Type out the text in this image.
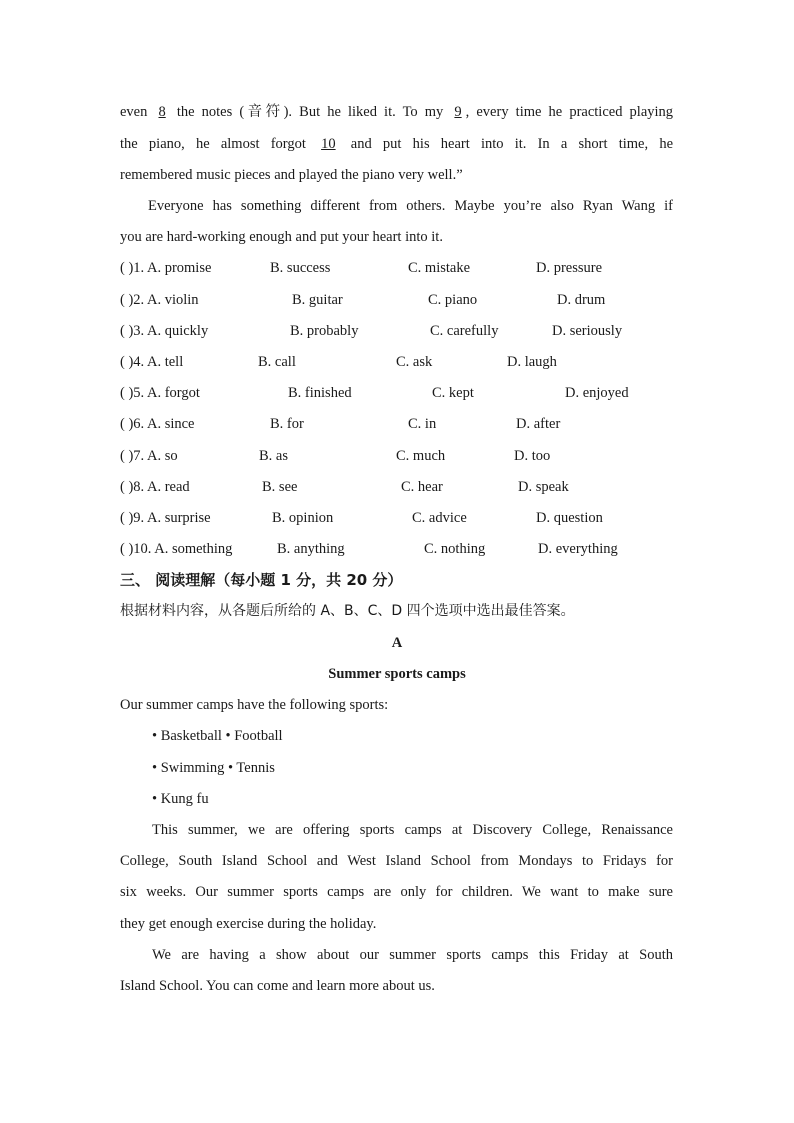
even 8 the notes (音符). But he liked it. To my 9 , every time he practiced playing
the piano, he almost forgot 10 and put his heart into it. In a short time, he
remembered music pieces and played the piano very well.”
Everyone has something different from others. Maybe you’re also Ryan Wang if
you are hard-working enough and put your heart into it.
( )1. A. promise	B. success	C. mistake	D. pressure
( )2. A. violin	B. guitar	C. piano	D. drum
( )3. A. quickly	B. probably	C. carefully	D. seriously
( )4. A. tell	B. call	C. ask	D. laugh
( )5. A. forgot	B. finished	C. kept	D. enjoyed
( )6. A. since	B. for	C. in	D. after
( )7. A. so	B. as	C. much	D. too
( )8. A. read	B. see	C. hear	D. speak
( )9. A. surprise	B. opinion	C. advice	D. question
( )10. A. something	B. anything	C. nothing	D. everything
三、 阅读理解（每小题 1 分，共 20 分）
根据材料内容，从各题后所给的 A、B、C、D 四个选项中选出最佳答案。
A
Summer sports camps
Our summer camps have the following sports:
• Basketball • Football
• Swimming • Tennis
• Kung fu
This summer, we are offering sports camps at Discovery College, Renaissance
College, South Island School and West Island School from Mondays to Fridays for
six weeks. Our summer sports camps are only for children. We want to make sure
they get enough exercise during the holiday.
We are having a show about our summer sports camps this Friday at South
Island School. You can come and learn more about us.
